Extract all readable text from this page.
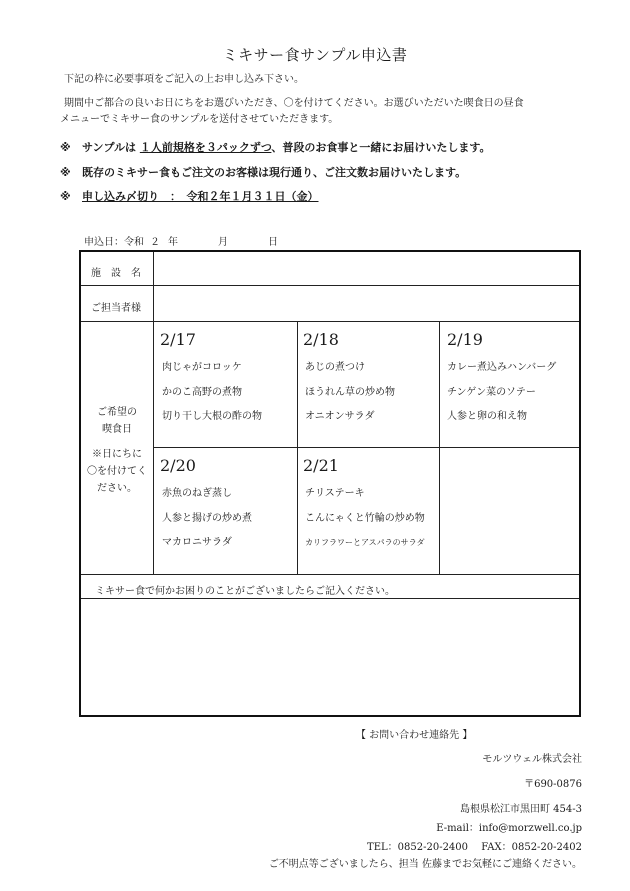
ミキサー食サンプル申込書
下記の枠に必要事項をご記入の上お申し込み下さい。
期間中ご都合の良いお日にちをお選びいただき、〇を付けてください。お選びいただいた喫食日の昼食
メニューでミキサー食のサンプルを送付させていただきます。
※ サンプルは １人前規格を３パックずつ、普段のお食事と一緒にお届けいたします。
※ 既存のミキサー食もご注文のお客様は現行通り、ご注文数お届けいたします。
※ 申し込み〆切り　：　令和２年１月３１日（金）
申込日：令和 ２ 年	月	日
施　設　名
ご担当者様
ご希望の
喫食日
※日にちに
〇を付けてく
ださい。
2/17
肉じゃがコロッケ
かのこ高野の煮物
切り干し大根の酢の物
2/18
あじの煮つけ
ほうれん草の炒め物
オニオンサラダ
2/19
カレー煮込みハンバーグ
チンゲン菜のソテー
人参と卵の和え物
2/20
赤魚のねぎ蒸し
人参と揚げの炒め煮
マカロニサラダ
2/21
チリステーキ
こんにゃくと竹輪の炒め物
カリフラワーとアスパラのサラダ
ミキサー食で何かお困りのことがございましたらご記入ください。
【 お問い合わせ連絡先 】
モルツウェル株式会社
〒690-0876
島根県松江市黒田町 454-3
E-mail：info@morzwell.co.jp
TEL：0852-20-2400　 FAX：0852-20-2402
ご不明点等ございましたら、担当 佐藤までお気軽にご連絡ください。
